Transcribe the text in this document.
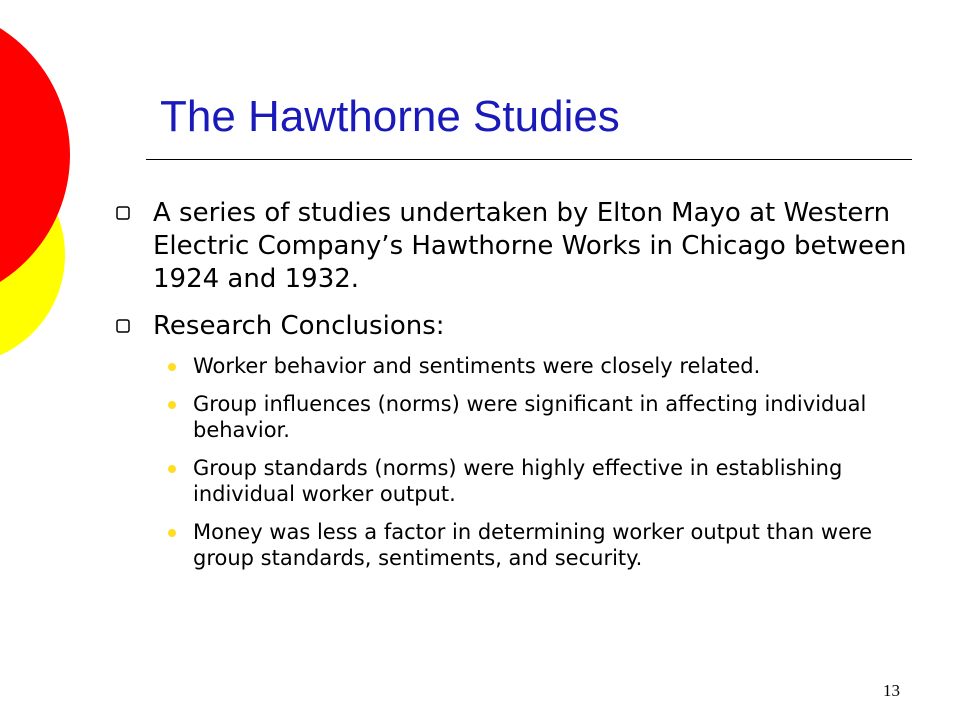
The Hawthorne Studies
A series of studies undertaken by Elton Mayo at Western Electric Company’s Hawthorne Works in Chicago between 1924 and 1932.
Research Conclusions:
Worker behavior and sentiments were closely related.
Group influences (norms) were significant in affecting individual behavior.
Group standards (norms) were highly effective in establishing individual worker output.
Money was less a factor in determining worker output than were group standards, sentiments, and security.
13
